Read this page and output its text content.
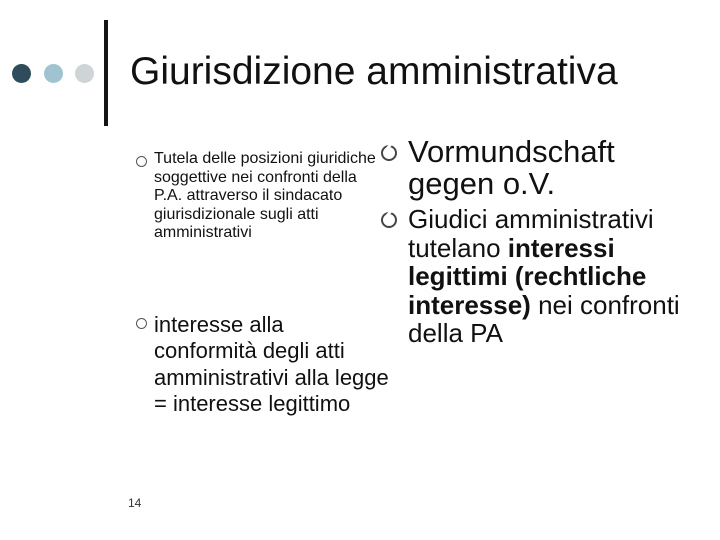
Giurisdizione amministrativa
Tutela delle posizioni giuridiche soggettive nei confronti della P.A. attraverso il sindacato giurisdizionale sugli atti amministrativi
interesse alla conformità degli atti amministrativi alla legge = interesse legittimo
Vormundschaft
gegen o.V.
Giudici amministrativi tutelano interessi legittimi (rechtliche interesse) nei confronti della PA
14
